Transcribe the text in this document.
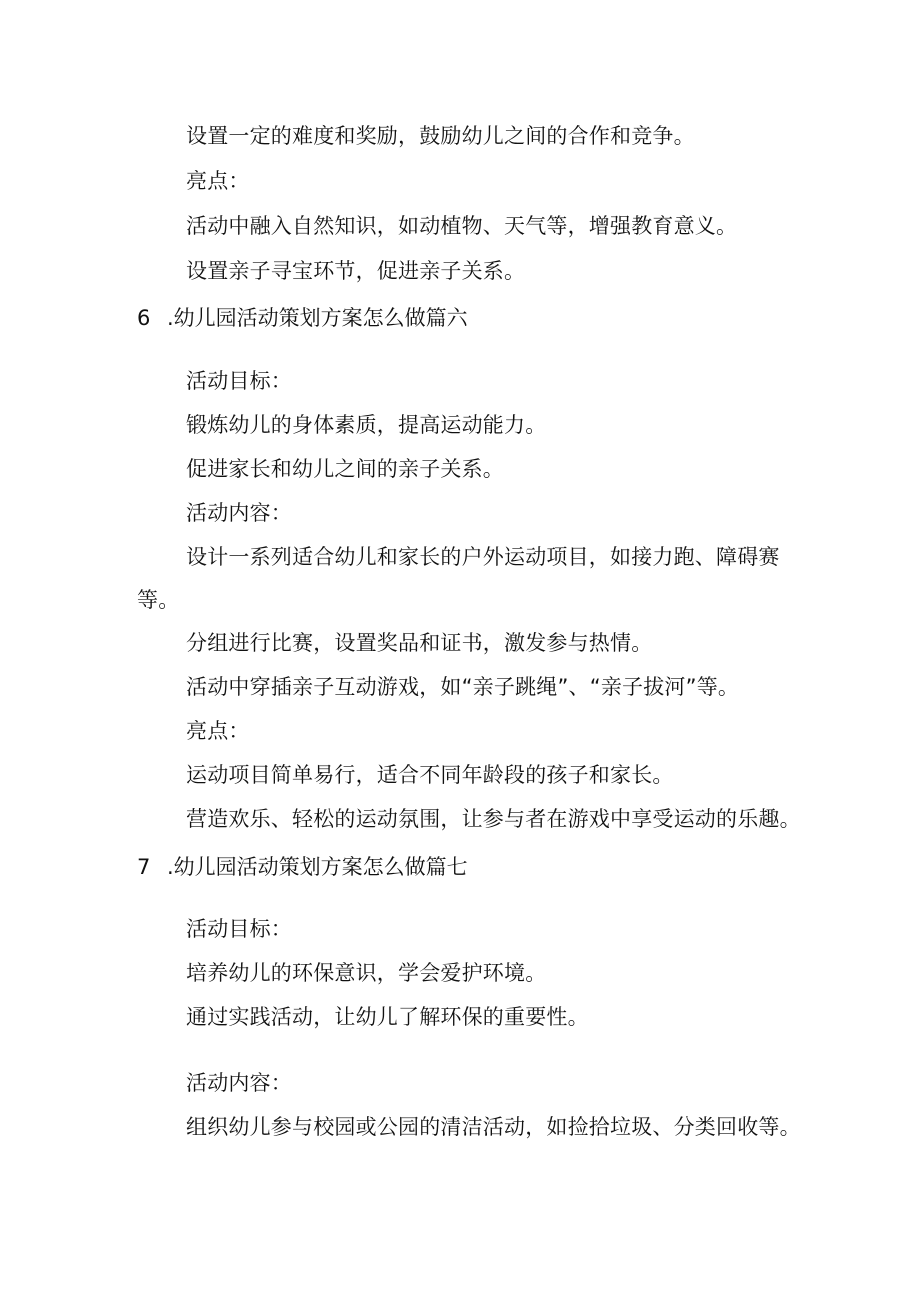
设置一定的难度和奖励，鼓励幼儿之间的合作和竞争。
亮点：
活动中融入自然知识，如动植物、天气等，增强教育意义。
设置亲子寻宝环节，促进亲子关系。
6 .幼儿园活动策划方案怎么做篇六
活动目标：
锻炼幼儿的身体素质，提高运动能力。
促进家长和幼儿之间的亲子关系。
活动内容：
设计一系列适合幼儿和家长的户外运动项目，如接力跑、障碍赛
等。
分组进行比赛，设置奖品和证书，激发参与热情。
活动中穿插亲子互动游戏，如“亲子跳绳”、“亲子拔河”等。
亮点：
运动项目简单易行，适合不同年龄段的孩子和家长。
营造欢乐、轻松的运动氛围，让参与者在游戏中享受运动的乐趣。
7 .幼儿园活动策划方案怎么做篇七
活动目标：
培养幼儿的环保意识，学会爱护环境。
通过实践活动，让幼儿了解环保的重要性。
活动内容：
组织幼儿参与校园或公园的清洁活动，如捡拾垃圾、分类回收等。
